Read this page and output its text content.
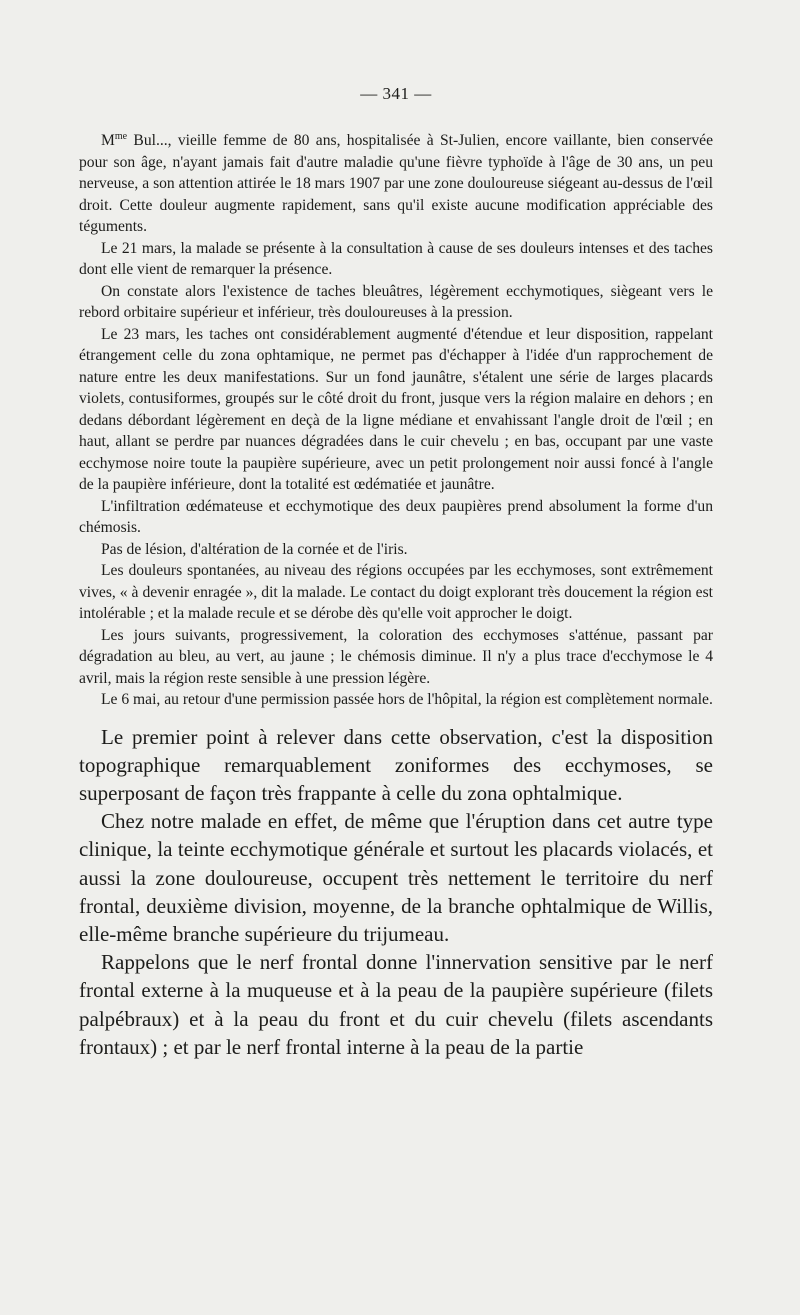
— 341 —

$M^{me}$ Bul..., vieille femme de 80 ans, hospitalisée à St-Julien, encore vaillante, bien conservée pour son âge, n'ayant jamais fait d'autre maladie qu'une fièvre typhoïde à l'âge de 30 ans, un peu nerveuse, a son attention attirée le 18 mars 1907 par une zone douloureuse siégeant au-dessus de l'œil droit. Cette douleur augmente rapidement, sans qu'il existe aucune modification appréciable des téguments.

Le 21 mars, la malade se présente à la consultation à cause de ses douleurs intenses et des taches dont elle vient de remarquer la présence.

On constate alors l'existence de taches bleuâtres, légèrement ecchymotiques, siègeant vers le rebord orbitaire supérieur et inférieur, très douloureuses à la pression.

Le 23 mars, les taches ont considérablement augmenté d'étendue et leur disposition, rappelant étrangement celle du zona ophtamique, ne permet pas d'échapper à l'idée d'un rapprochement de nature entre les deux manifestations. Sur un fond jaunâtre, s'étalent une série de larges placards violets, contusiformes, groupés sur le côté droit du front, jusque vers la région malaire en dehors ; en dedans débordant légèrement en deçà de la ligne médiane et envahissant l'angle droit de l'œil ; en haut, allant se perdre par nuances dégradées dans le cuir chevelu ; en bas, occupant par une vaste ecchymose noire toute la paupière supérieure, avec un petit prolongement noir aussi foncé à l'angle de la paupière inférieure, dont la totalité est œdématiée et jaunâtre.

L'infiltration œdémateuse et ecchymotique des deux paupières prend absolument la forme d'un chémosis.

Pas de lésion, d'altération de la cornée et de l'iris.

Les douleurs spontanées, au niveau des régions occupées par les ecchymoses, sont extrêmement vives, « à devenir enragée », dit la malade. Le contact du doigt explorant très doucement la région est intolérable ; et la malade recule et se dérobe dès qu'elle voit approcher le doigt.

Les jours suivants, progressivement, la coloration des ecchymoses s'atténue, passant par dégradation au bleu, au vert, au jaune ; le chémosis diminue. Il n'y a plus trace d'ecchymose le 4 avril, mais la région reste sensible à une pression légère.

Le 6 mai, au retour d'une permission passée hors de l'hôpital, la région est complètement normale.

Le premier point à relever dans cette observation, c'est la disposition topographique remarquablement zoniformes des ecchymoses, se superposant de façon très frappante à celle du zona ophtalmique.

Chez notre malade en effet, de même que l'éruption dans cet autre type clinique, la teinte ecchymotique générale et surtout les placards violacés, et aussi la zone douloureuse, occupent très nettement le territoire du nerf frontal, deuxième division, moyenne, de la branche ophtalmique de Willis, elle-même branche supérieure du trijumeau.

Rappelons que le nerf frontal donne l'innervation sensitive par le nerf frontal externe à la muqueuse et à la peau de la paupière supérieure (filets palpébraux) et à la peau du front et du cuir chevelu (filets ascendants frontaux) ; et par le nerf frontal interne à la peau de la partie
